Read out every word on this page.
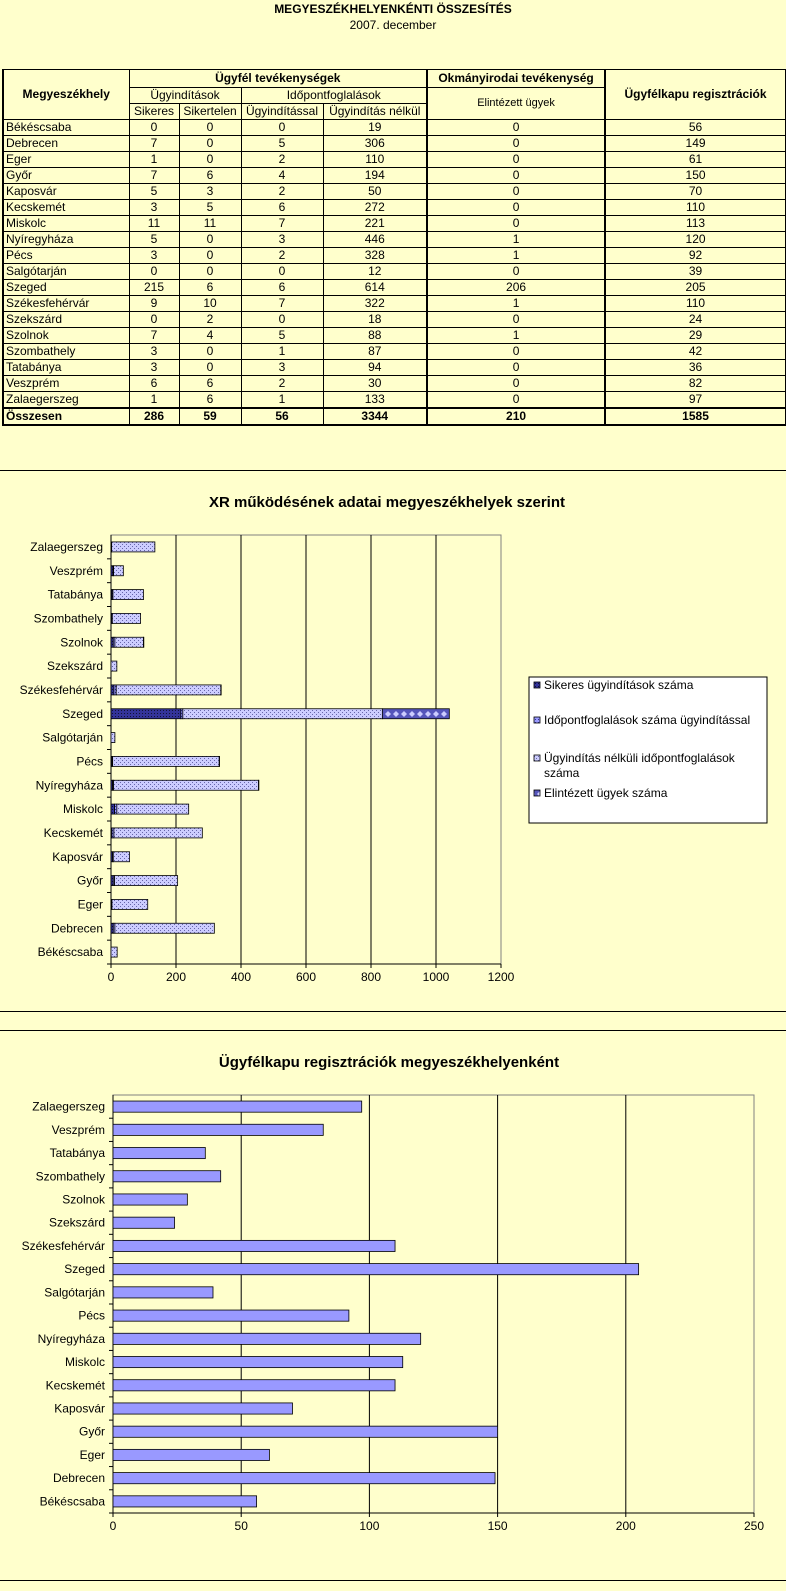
MEGYESZÉKHELYENKÉNTI ÖSSZESÍTÉS
2007. december
Megyeszékhely	Ügyfél tevékenységek				Okmányirodai tevékenység	Ügyfélkapu regisztrációk
	Ügyindítások		Időpontfoglalások		Elintézett ügyek	
	Sikeres	Sikertelen	Ügyindítással	Ügyindítás nélkül		
Békéscsaba	0	0	0	19	0	56
Debrecen	7	0	5	306	0	149
Eger	1	0	2	110	0	61
Győr	7	6	4	194	0	150
Kaposvár	5	3	2	50	0	70
Kecskemét	3	5	6	272	0	110
Miskolc	11	11	7	221	0	113
Nyíregyháza	5	0	3	446	1	120
Pécs	3	0	2	328	1	92
Salgótarján	0	0	0	12	0	39
Szeged	215	6	6	614	206	205
Székesfehérvár	9	10	7	322	1	110
Szekszárd	0	2	0	18	0	24
Szolnok	7	4	5	88	1	29
Szombathely	3	0	1	87	0	42
Tatabánya	3	0	3	94	0	36
Veszprém	6	6	2	30	0	82
Zalaegerszeg	1	6	1	133	0	97
Összesen	286	59	56	3344	210	1585
XR működésének adatai megyeszékhelyek szerint
0	200	400	600	800	1000	1200
Békéscsaba
Debrecen
Eger
Győr
Kaposvár
Kecskemét
Miskolc
Nyíregyháza
Pécs
Salgótarján
Szeged
Székesfehérvár
Szekszárd
Szolnok
Szombathely
Tatabánya
Veszprém
Zalaegerszeg
Sikeres ügyindítások száma
Időpontfoglalások száma ügyindítással
Ügyindítás nélküli időpontfoglalások száma
Elintézett ügyek száma
Ügyfélkapu regisztrációk megyeszékhelyenként
0	50	100	150	200	250
Békéscsaba
Debrecen
Eger
Győr
Kaposvár
Kecskemét
Miskolc
Nyíregyháza
Pécs
Salgótarján
Szeged
Székesfehérvár
Szekszárd
Szolnok
Szombathely
Tatabánya
Veszprém
Zalaegerszeg
